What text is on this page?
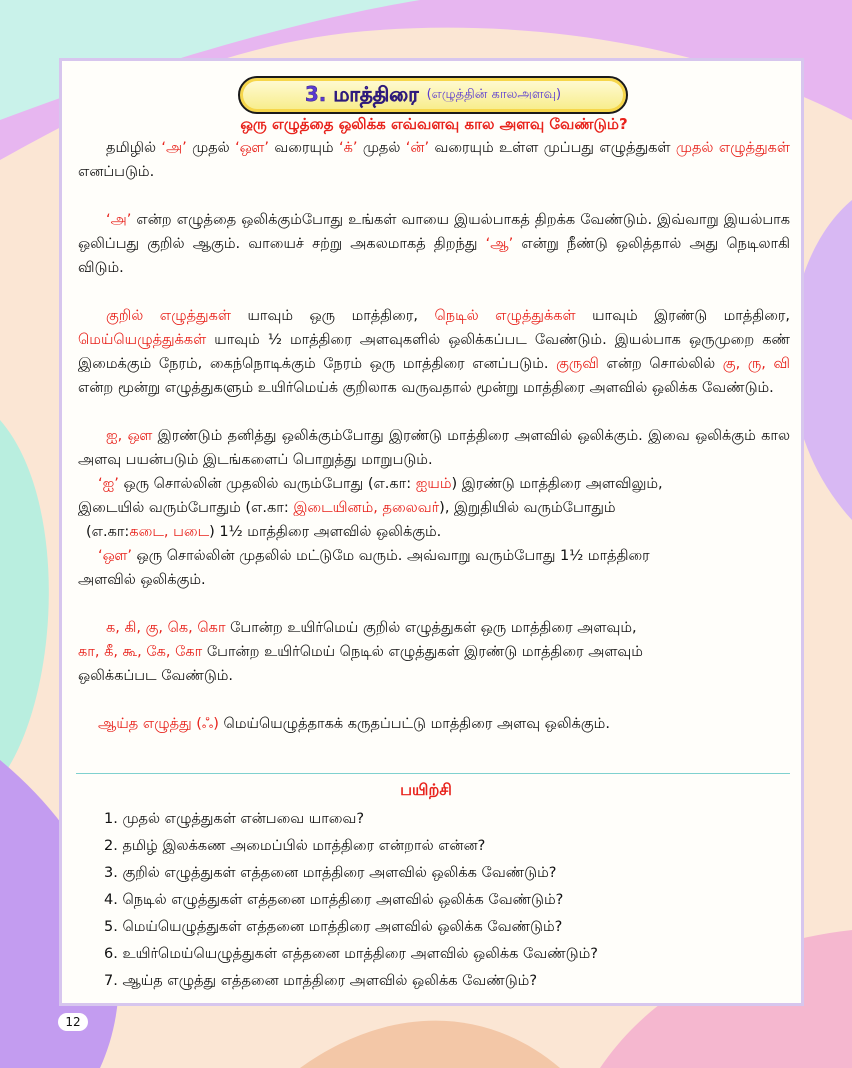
3. மாத்திரை (எழுத்தின் காலஅளவு)

ஒரு எழுத்தை ஒலிக்க எவ்வளவு கால அளவு வேண்டும்?

தமிழில் ‘அ’ முதல் ‘ஔ’ வரையும் ‘க்’ முதல் ‘ன்’ வரையும் உள்ள முப்பது எழுத்துகள் முதல் எழுத்துகள் எனப்படும்.

‘அ’ என்ற எழுத்தை ஒலிக்கும்போது உங்கள் வாயை இயல்பாகத் திறக்க வேண்டும். இவ்வாறு இயல்பாக ஒலிப்பது குறில் ஆகும். வாயைச் சற்று அகலமாகத் திறந்து ‘ஆ’ என்று நீண்டு ஒலித்தால் அது நெடிலாகி விடும்.

குறில் எழுத்துகள் யாவும் ஒரு மாத்திரை, நெடில் எழுத்துக்கள் யாவும் இரண்டு மாத்திரை, மெய்யெழுத்துக்கள் யாவும் ½ மாத்திரை அளவுகளில் ஒலிக்கப்பட வேண்டும். இயல்பாக ஒருமுறை கண் இமைக்கும் நேரம், கைந்நொடிக்கும் நேரம் ஒரு மாத்திரை எனப்படும். குருவி என்ற சொல்லில் கு, ரு, வி என்ற மூன்று எழுத்துகளும் உயிர்மெய்க் குறிலாக வருவதால் மூன்று மாத்திரை அளவில் ஒலிக்க வேண்டும்.

ஐ, ஔ இரண்டும் தனித்து ஒலிக்கும்போது இரண்டு மாத்திரை அளவில் ஒலிக்கும். இவை ஒலிக்கும் கால அளவு பயன்படும் இடங்களைப் பொறுத்து மாறுபடும்.

‘ஐ’ ஒரு சொல்லின் முதலில் வரும்போது (எ.கா: ஐயம்) இரண்டு மாத்திரை அளவிலும்,

இடையில் வரும்போதும் (எ.கா: இடையினம், தலைவர்), இறுதியில் வரும்போதும்

(எ.கா:கடை, படை) 1½ மாத்திரை அளவில் ஒலிக்கும்.

‘ஔ’ ஒரு சொல்லின் முதலில் மட்டுமே வரும். அவ்வாறு வரும்போது 1½ மாத்திரை

அளவில் ஒலிக்கும்.

க, கி, கு, கெ, கொ போன்ற உயிர்மெய் குறில் எழுத்துகள் ஒரு மாத்திரை அளவும்,

கா, கீ, கூ, கே, கோ போன்ற உயிர்மெய் நெடில் எழுத்துகள் இரண்டு மாத்திரை அளவும்

ஒலிக்கப்பட வேண்டும்.

ஆய்த எழுத்து (ஃ) மெய்யெழுத்தாகக் கருதப்பட்டு மாத்திரை அளவு ஒலிக்கும்.

பயிற்சி
1. முதல் எழுத்துகள் என்பவை யாவை?
2. தமிழ் இலக்கண அமைப்பில் மாத்திரை என்றால் என்ன?
3. குறில் எழுத்துகள் எத்தனை மாத்திரை அளவில் ஒலிக்க வேண்டும்?
4. நெடில் எழுத்துகள் எத்தனை மாத்திரை அளவில் ஒலிக்க வேண்டும்?
5. மெய்யெழுத்துகள் எத்தனை மாத்திரை அளவில் ஒலிக்க வேண்டும்?
6. உயிர்மெய்யெழுத்துகள் எத்தனை மாத்திரை அளவில் ஒலிக்க வேண்டும்?
7. ஆய்த எழுத்து எத்தனை மாத்திரை அளவில் ஒலிக்க வேண்டும்?
12
